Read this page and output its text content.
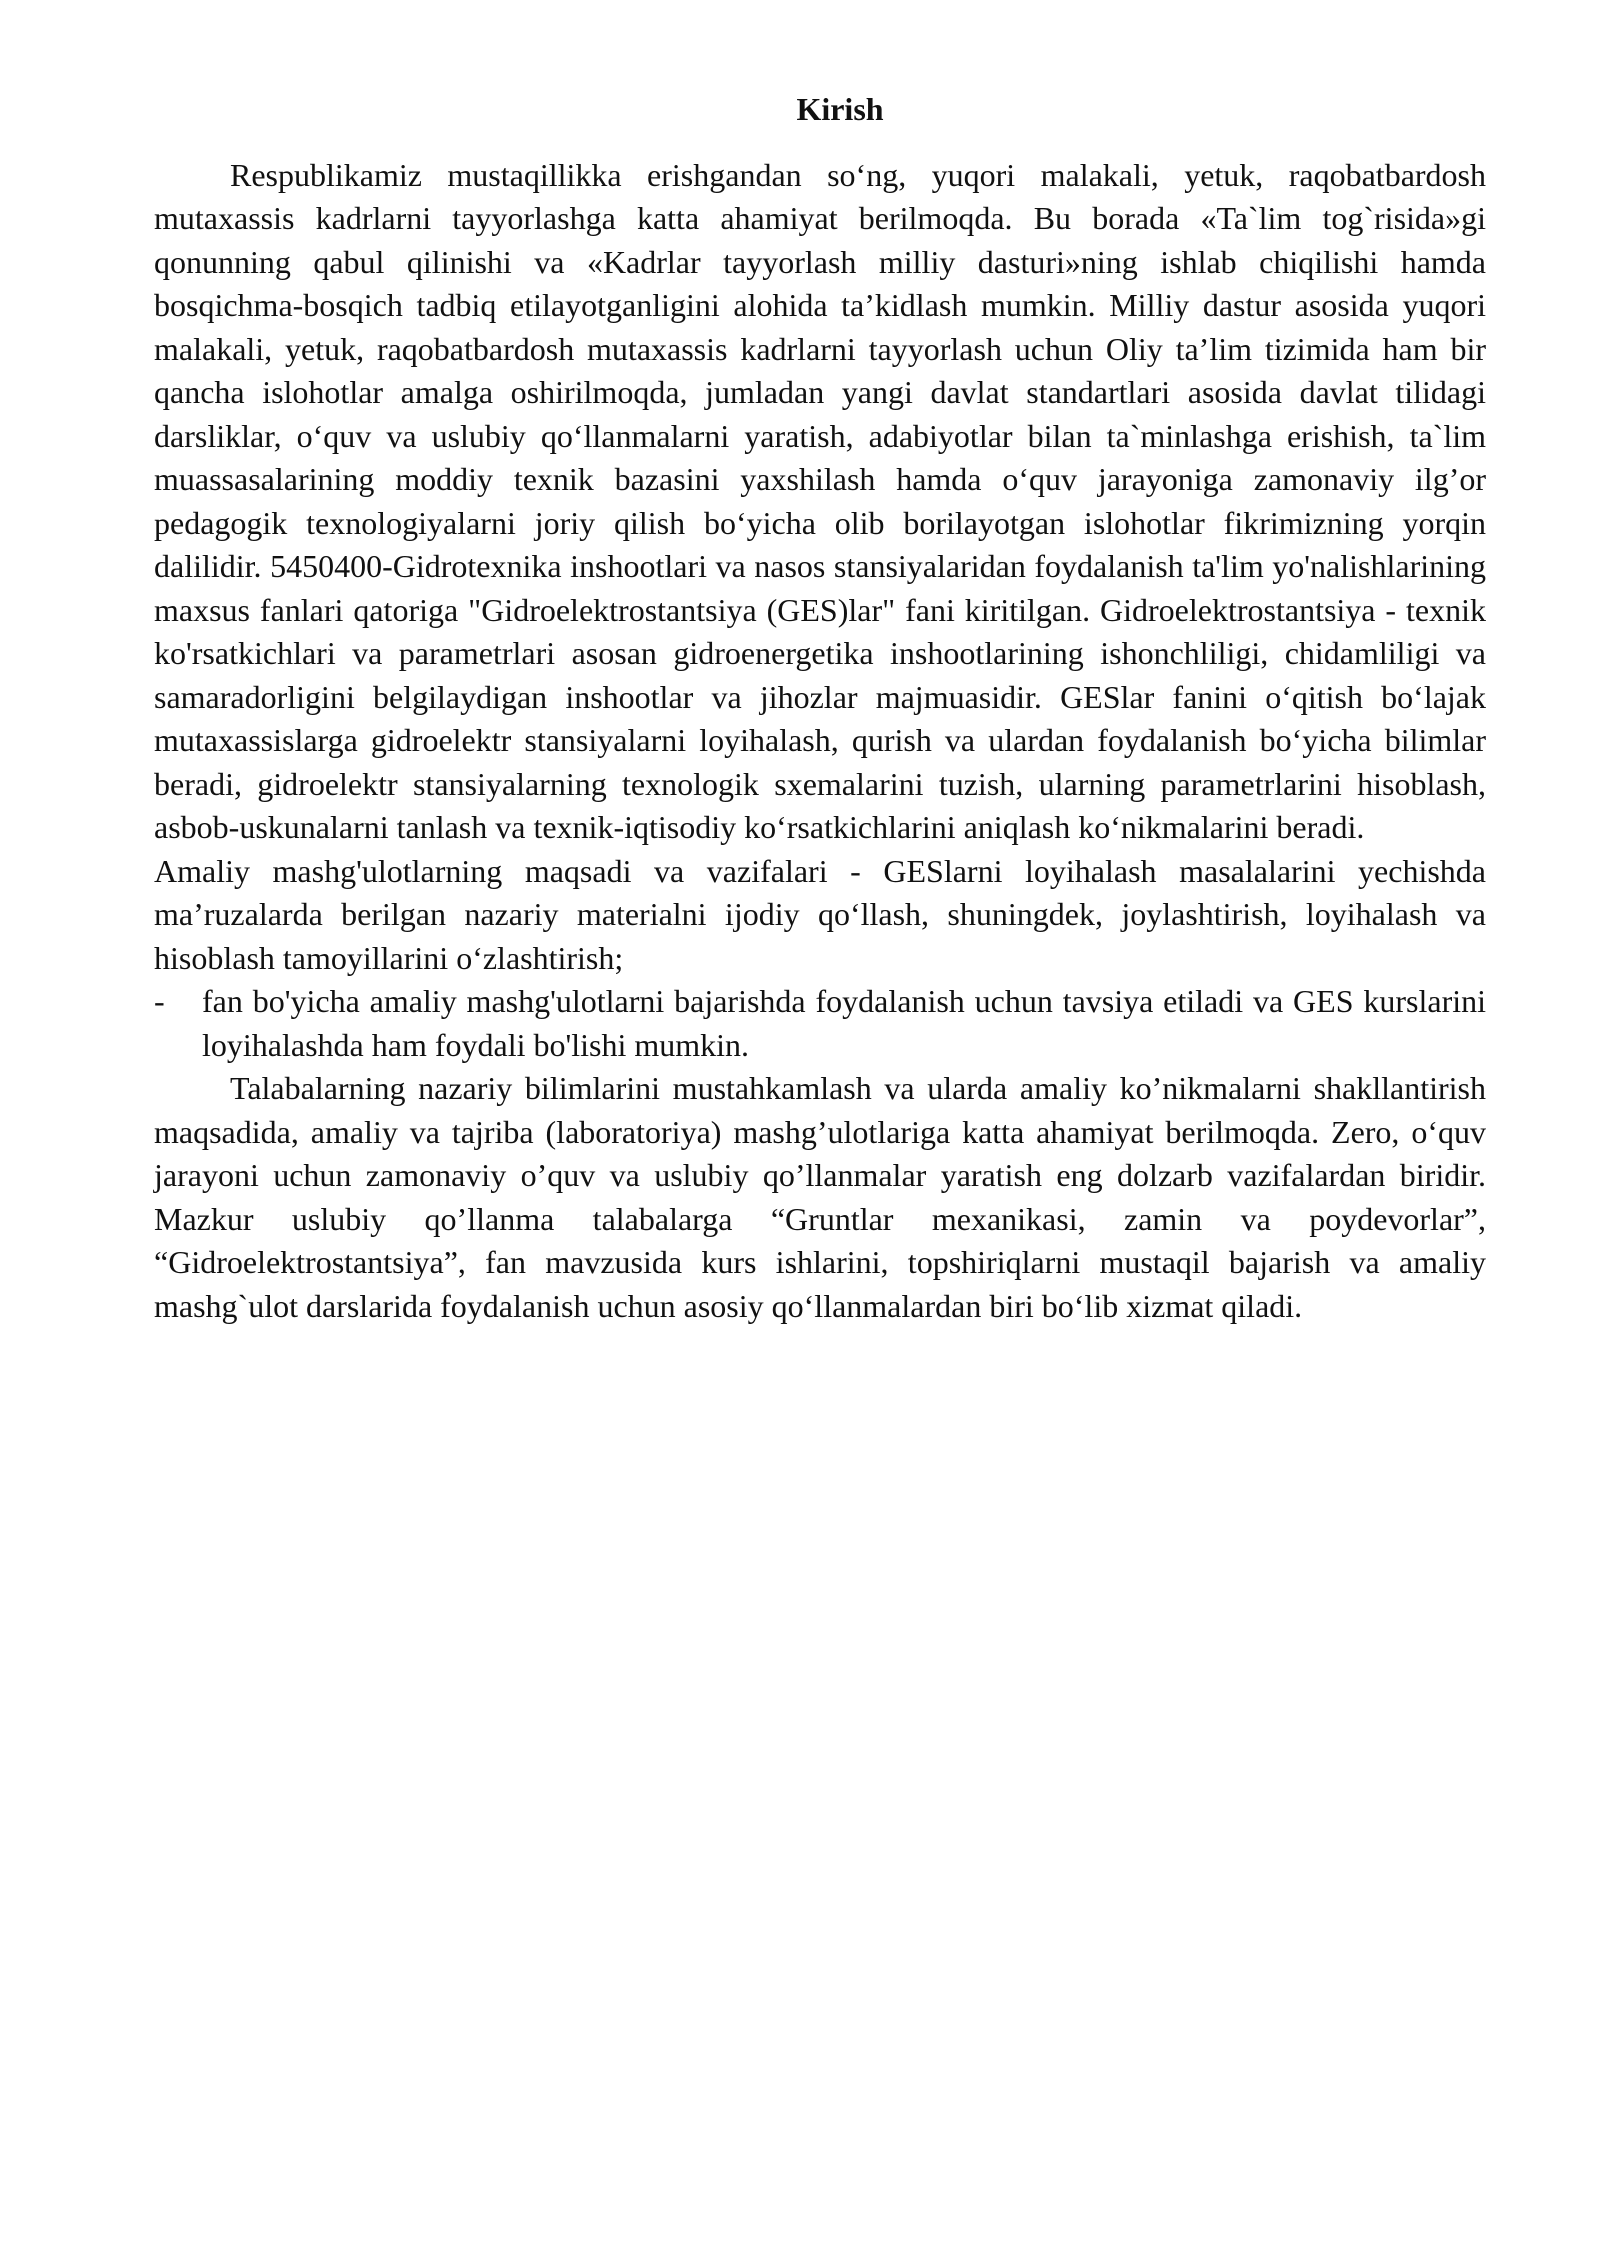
Kirish

Respublikamiz mustaqillikka erishgandan so‘ng, yuqori malakali, yetuk, raqobatbardosh mutaxassis kadrlarni tayyorlashga katta ahamiyat berilmoqda. Bu borada «Ta`lim tog`risida»gi qonunning qabul qilinishi va «Kadrlar tayyorlash milliy dasturi»ning ishlab chiqilishi hamda bosqichma-bosqich tadbiq etilayotganligini alohida ta’kidlash mumkin. Milliy dastur asosida yuqori malakali, yetuk, raqobatbardosh mutaxassis kadrlarni tayyorlash uchun Oliy ta’lim tizimida ham bir qancha islohotlar amalga oshirilmoqda, jumladan yangi davlat standartlari asosida davlat tilidagi darsliklar, o‘quv va uslubiy qo‘llanmalarni yaratish, adabiyotlar bilan ta`minlashga erishish, ta`lim muassasalarining moddiy texnik bazasini yaxshilash hamda o‘quv jarayoniga zamonaviy ilg’or pedagogik texnologiyalarni joriy qilish bo‘yicha olib borilayotgan islohotlar fikrimizning yorqin dalilidir. 5450400-Gidrotexnika inshootlari va nasos stansiyalaridan foydalanish ta'lim yo'nalishlarining maxsus fanlari qatoriga "Gidroelektrostantsiya (GES)lar" fani kiritilgan. Gidroelektrostantsiya - texnik ko'rsatkichlari va parametrlari asosan gidroenergetika inshootlarining ishonchliligi, chidamliligi va samaradorligini belgilaydigan inshootlar va jihozlar majmuasidir. GESlar fanini o‘qitish bo‘lajak mutaxassislarga gidroelektr stansiyalarni loyihalash, qurish va ulardan foydalanish bo‘yicha bilimlar beradi, gidroelektr stansiyalarning texnologik sxemalarini tuzish, ularning parametrlarini hisoblash, asbob-uskunalarni tanlash va texnik-iqtisodiy ko‘rsatkichlarini aniqlash ko‘nikmalarini beradi.

Amaliy mashg'ulotlarning maqsadi va vazifalari - GESlarni loyihalash masalalarini yechishda ma’ruzalarda berilgan nazariy materialni ijodiy qo‘llash, shuningdek, joylashtirish, loyihalash va hisoblash tamoyillarini o‘zlashtirish;

-	fan bo'yicha amaliy mashg'ulotlarni bajarishda foydalanish uchun tavsiya etiladi va GES kurslarini loyihalashda ham foydali bo'lishi mumkin.

Talabalarning nazariy bilimlarini mustahkamlash va ularda amaliy ko’nikmalarni shakllantirish maqsadida, amaliy va tajriba (laboratoriya) mashg’ulotlariga katta ahamiyat berilmoqda. Zero, o‘quv jarayoni uchun zamonaviy o’quv va uslubiy qo’llanmalar yaratish eng dolzarb vazifalardan biridir. Mazkur uslubiy qo’llanma talabalarga “Gruntlar mexanikasi, zamin va poydevorlar”, “Gidroelektrostantsiya”, fan mavzusida kurs ishlarini, topshiriqlarni mustaqil bajarish va amaliy mashg`ulot darslarida foydalanish uchun asosiy qo‘llanmalardan biri bo‘lib xizmat qiladi.
